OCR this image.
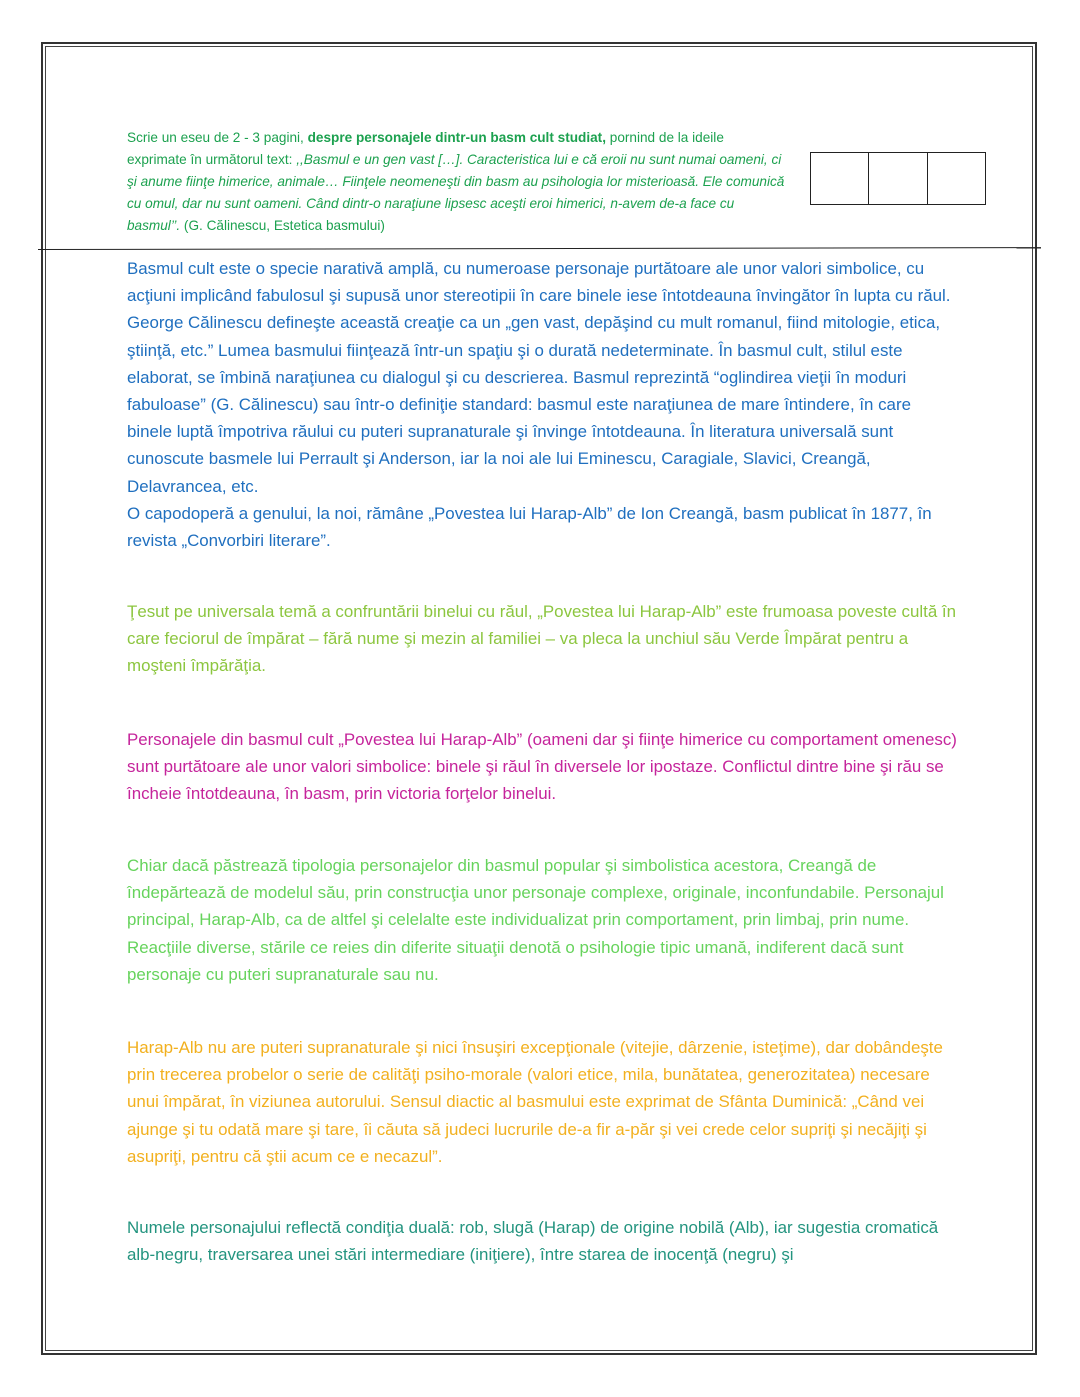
Scrie un eseu de 2 - 3 pagini, despre personajele dintr-un basm cult studiat, pornind de la ideile exprimate în următorul text: ,,Basmul e un gen vast […]. Caracteristica lui e că eroii nu sunt numai oameni, ci şi anume fiinţe himerice, animale… Fiinţele neomeneşti din basm au psihologia lor misterioasă. Ele comunică cu omul, dar nu sunt oameni. Când dintr-o naraţiune lipsesc aceşti eroi himerici, n-avem de-a face cu basmul’’. (G. Călinescu, Estetica basmului)

Basmul cult este o specie narativă amplă, cu numeroase personaje purtătoare ale unor valori simbolice, cu acţiuni implicând fabulosul şi supusă unor stereotipii în care binele iese întotdeauna învingător în lupta cu răul. George Călinescu defineşte această creaţie ca un „gen vast, depăşind cu mult romanul, fiind mitologie, etica, ştiinţă, etc.” Lumea basmului fiinţează într-un spaţiu şi o durată nedeterminate. În basmul cult, stilul este elaborat, se îmbină naraţiunea cu dialogul şi cu descrierea. Basmul reprezintă “oglindirea vieţii în moduri fabuloase” (G. Călinescu) sau într-o definiţie standard: basmul este naraţiunea de mare întindere, în care binele luptă împotriva răului cu puteri supranaturale şi învinge întotdeauna. În literatura universală sunt cunoscute basmele lui Perrault şi Anderson, iar la noi ale lui Eminescu, Caragiale, Slavici, Creangă, Delavrancea, etc.
O capodoperă a genului, la noi, rămâne „Povestea lui Harap-Alb” de Ion Creangă, basm publicat în 1877, în revista „Convorbiri literare”.

Ţesut pe universala temă a confruntării binelui cu răul, „Povestea lui Harap-Alb” este frumoasa poveste cultă în care feciorul de împărat – fără nume şi mezin al familiei – va pleca la unchiul său Verde Împărat pentru a moşteni împărăţia.

Personajele din basmul cult „Povestea lui Harap-Alb” (oameni dar şi fiinţe himerice cu comportament omenesc) sunt purtătoare ale unor valori simbolice: binele şi răul în diversele lor ipostaze. Conflictul dintre bine şi rău se încheie întotdeauna, în basm, prin victoria forţelor binelui.

Chiar dacă păstrează tipologia personajelor din basmul popular şi simbolistica acestora, Creangă de îndepărtează de modelul său, prin construcţia unor personaje complexe, originale, inconfundabile. Personajul principal, Harap-Alb, ca de altfel şi celelalte este individualizat prin comportament, prin limbaj, prin nume. Reacţiile diverse, stările ce reies din diferite situaţii denotă o psihologie tipic umană, indiferent dacă sunt personaje cu puteri supranaturale sau nu.

Harap-Alb nu are puteri supranaturale şi nici însuşiri excepţionale (vitejie, dârzenie, isteţime), dar dobândeşte prin trecerea probelor o serie de calităţi psiho-morale (valori etice, mila, bunătatea, generozitatea) necesare unui împărat, în viziunea autorului. Sensul diactic al basmului este exprimat de Sfânta Duminică: „Când vei ajunge şi tu odată mare şi tare, îi căuta să judeci lucrurile de-a fir a-păr şi vei crede celor supriţi şi necăjiţi şi asupriţi, pentru că ştii acum ce e necazul”.

Numele personajului reflectă condiţia duală: rob, slugă (Harap) de origine nobilă (Alb), iar sugestia cromatică alb-negru, traversarea unei stări intermediare (iniţiere), între starea de inocenţă (negru) şi
